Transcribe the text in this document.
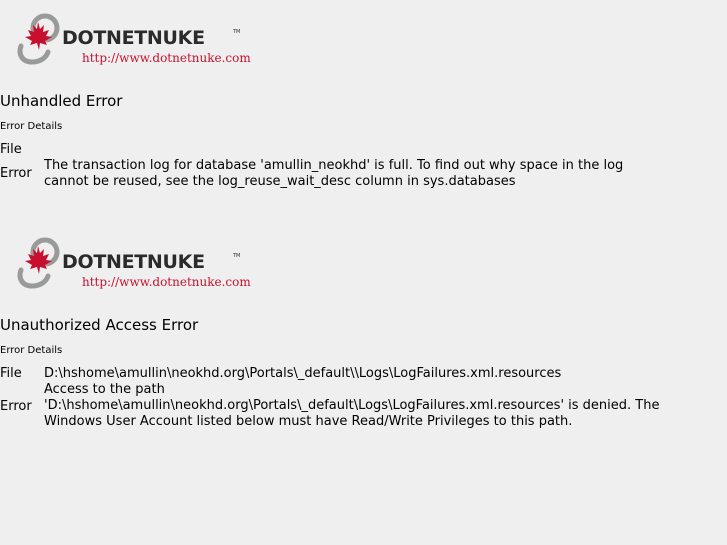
DOTNETNUKE	TM
http://www.dotnetnuke.com
Unhandled Error
Error Details
File
Error
The transaction log for database 'amullin_neokhd' is full. To find out why space in the log
cannot be reused, see the log_reuse_wait_desc column in sys.databases
DOTNETNUKE	TM
http://www.dotnetnuke.com
Unauthorized Access Error
Error Details
File D:\hshome\amullin\neokhd.org\Portals\_default\\Logs\LogFailures.xml.resources
Error
Access to the path
'D:\hshome\amullin\neokhd.org\Portals\_default\Logs\LogFailures.xml.resources' is denied. The
Windows User Account listed below must have Read/Write Privileges to this path.
